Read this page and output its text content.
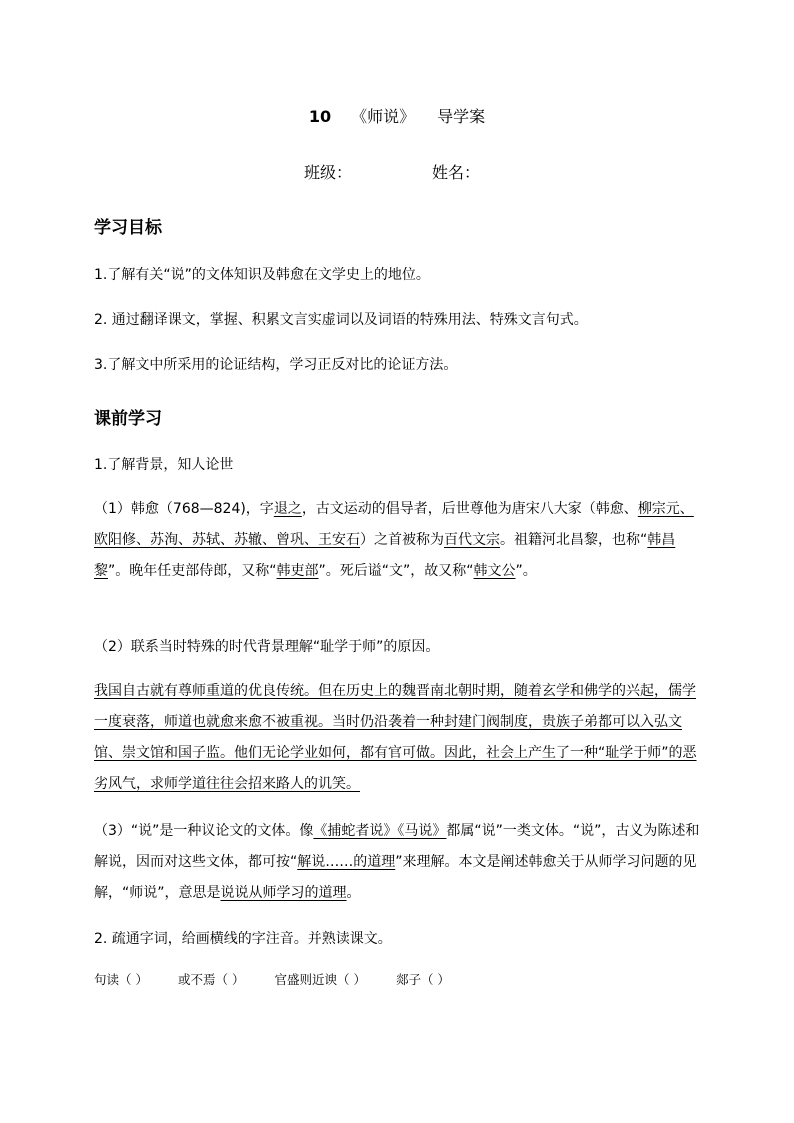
10 《师说》 导学案
班级：	姓名：
学习目标
1.了解有关“说”的文体知识及韩愈在文学史上的地位。
2. 通过翻译课文，掌握、积累文言实虚词以及词语的特殊用法、特殊文言句式。
3.了解文中所采用的论证结构，学习正反对比的论证方法。
课前学习
1.了解背景，知人论世
（1）韩愈（768—824)，字退之，古文运动的倡导者，后世尊他为唐宋八大家（韩愈、柳宗元、欧阳修、苏洵、苏轼、苏辙、曾巩、王安石）之首被称为百代文宗。祖籍河北昌黎，也称“韩昌黎”。晚年任吏部侍郎，又称“韩吏部”。死后谥“文”，故又称“韩文公”。
（2）联系当时特殊的时代背景理解“耻学于师”的原因。
我国自古就有尊师重道的优良传统。但在历史上的魏晋南北朝时期，随着玄学和佛学的兴起，儒学一度衰落，师道也就愈来愈不被重视。当时仍沿袭着一种封建门阀制度，贵族子弟都可以入弘文馆、崇文馆和国子监。他们无论学业如何，都有官可做。因此，社会上产生了一种“耻学于师”的恶劣风气，求师学道往往会招来路人的讥笑。
（3）“说”是一种议论文的文体。像《捕蛇者说》《马说》都属“说”一类文体。“说”，古义为陈述和解说，因而对这些文体，都可按“解说……的道理”来理解。本文是阐述韩愈关于从师学习问题的见解，“师说”，意思是说说从师学习的道理。
2. 疏通字词，给画横线的字注音。并熟读课文。
句读（ ） 或不焉（ ） 官盛则近谀（ ） 郯子（ ）
